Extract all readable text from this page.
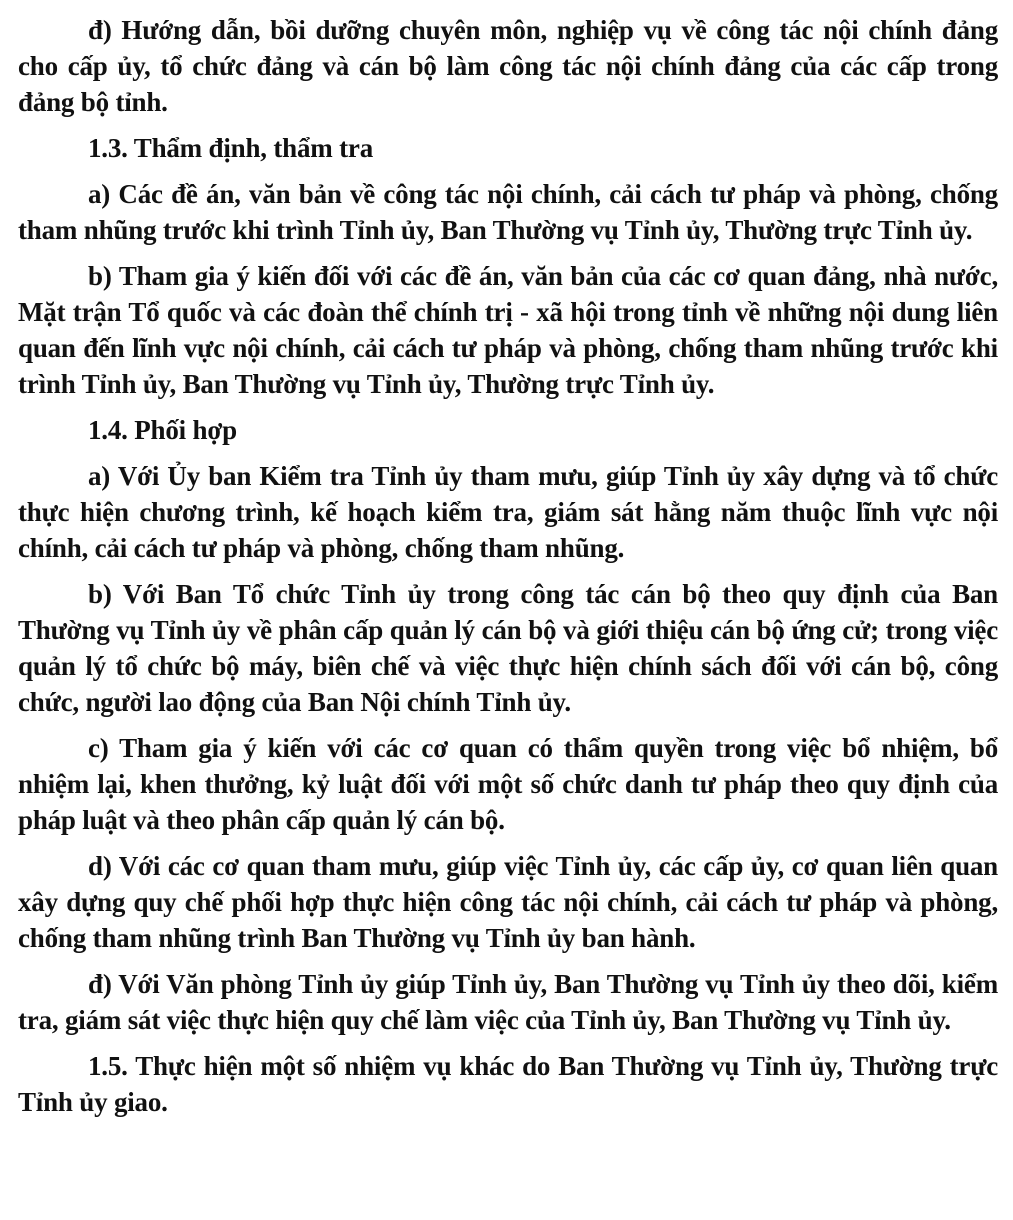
đ) Hướng dẫn, bồi dưỡng chuyên môn, nghiệp vụ về công tác nội chính đảng cho cấp ủy, tổ chức đảng và cán bộ làm công tác nội chính đảng của các cấp trong đảng bộ tỉnh.

1.3. Thẩm định, thẩm tra

a) Các đề án, văn bản về công tác nội chính, cải cách tư pháp và phòng, chống tham nhũng trước khi trình Tỉnh ủy, Ban Thường vụ Tỉnh ủy, Thường trực Tỉnh ủy.

b) Tham gia ý kiến đối với các đề án, văn bản của các cơ quan đảng, nhà nước, Mặt trận Tổ quốc và các đoàn thể chính trị - xã hội trong tỉnh về những nội dung liên quan đến lĩnh vực nội chính, cải cách tư pháp và phòng, chống tham nhũng trước khi trình Tỉnh ủy, Ban Thường vụ Tỉnh ủy, Thường trực Tỉnh ủy.

1.4. Phối hợp

a) Với Ủy ban Kiểm tra Tỉnh ủy tham mưu, giúp Tỉnh ủy xây dựng và tổ chức thực hiện chương trình, kế hoạch kiểm tra, giám sát hằng năm thuộc lĩnh vực nội chính, cải cách tư pháp và phòng, chống tham nhũng.

b) Với Ban Tổ chức Tỉnh ủy trong công tác cán bộ theo quy định của Ban Thường vụ Tỉnh ủy về phân cấp quản lý cán bộ và giới thiệu cán bộ ứng cử; trong việc quản lý tổ chức bộ máy, biên chế và việc thực hiện chính sách đối với cán bộ, công chức, người lao động của Ban Nội chính Tỉnh ủy.

c) Tham gia ý kiến với các cơ quan có thẩm quyền trong việc bổ nhiệm, bổ nhiệm lại, khen thưởng, kỷ luật đối với một số chức danh tư pháp theo quy định của pháp luật và theo phân cấp quản lý cán bộ.

d) Với các cơ quan tham mưu, giúp việc Tỉnh ủy, các cấp ủy, cơ quan liên quan xây dựng quy chế phối hợp thực hiện công tác nội chính, cải cách tư pháp và phòng, chống tham nhũng trình Ban Thường vụ Tỉnh ủy ban hành.

đ) Với Văn phòng Tỉnh ủy giúp Tỉnh ủy, Ban Thường vụ Tỉnh ủy theo dõi, kiểm tra, giám sát việc thực hiện quy chế làm việc của Tỉnh ủy, Ban Thường vụ Tỉnh ủy.

1.5. Thực hiện một số nhiệm vụ khác do Ban Thường vụ Tỉnh ủy, Thường trực Tỉnh ủy giao.
